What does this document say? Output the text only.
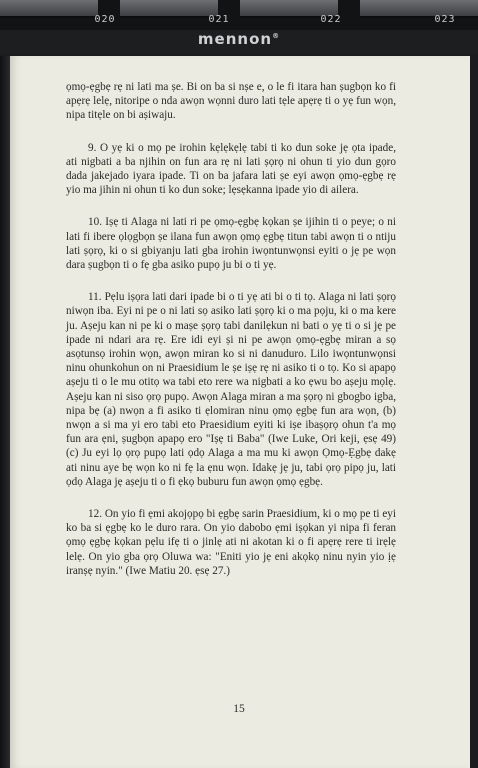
020	021	022	023
mennon®

ọmọ-ẹgbẹ rẹ ni lati ma ṣe. Bi on ba si nṣe e, o le fi itara han ṣugbọn ko fi apẹrẹ lelẹ, nitoripe o nda awọn wọnni duro lati tẹle apẹrẹ ti o yẹ fun wọn, nipa titẹle on bi aṣiwaju.

9. O yẹ ki o mọ pe irohin kẹlẹkẹlẹ tabi ti ko dun soke jẹ ọta ipade, ati nigbati a ba njihin on fun ara rẹ ni lati ṣọrọ ni ohun ti yio dun gọro dada jakejado iyara ipade. Ti on ba jafara lati ṣe eyi awọn ọmọ-ẹgbẹ rẹ yio ma jihin ni ohun ti ko dun soke; lẹsẹkanna ipade yio di ailera.

10. Iṣẹ ti Alaga ni lati ri pe ọmọ-ẹgbẹ kọkan ṣe ijihin ti o peye; o ni lati fi ibere ọlọgbọn ṣe ilana fun awọn ọmọ ẹgbẹ titun tabi awọn ti o ntiju lati ṣọrọ, ki o si gbiyanju lati gba irohin iwọntunwọnsi eyiti o jẹ pe wọn dara ṣugbọn ti o fẹ gba asiko pupọ ju bi o ti yẹ.

11. Pẹlu iṣọra lati dari ipade bi o ti yẹ ati bi o ti tọ. Alaga ni lati ṣọrọ niwọn iba. Eyi ni pe o ni lati sọ asiko lati ṣọrọ ki o ma pọju, ki o ma kere ju. Aṣeju kan ni pe ki o maṣe ṣọrọ tabi danilẹkun ni bati o yẹ ti o si jẹ pe ipade ni ndari ara rẹ. Ere idi eyi ṣi ni pe awọn ọmọ-ẹgbẹ miran a sọ asọtunsọ irohin wọn, awọn miran ko si ni danuduro. Lilo iwọntunwọnsi ninu ohunkohun on ni Praesidium le ṣe iṣẹ rẹ ni asiko ti o tọ. Ko si apapọ aṣeju ti o le mu otitọ wa tabi eto rere wa nigbati a ko ẹwu bo aṣeju mọlẹ. Aṣeju kan ni siso ọrọ pupọ. Awọn Alaga miran a ma ṣọrọ ni gbogbo igba, nipa bẹ (a) nwọn a fi asiko ti ẹlomiran ninu ọmọ ẹgbẹ fun ara wọn, (b) nwọn a si ma yi ero tabi eto Praesidium eyiti ki iṣe ibaṣọrọ ohun t'a mọ fun ara ẹni, ṣugbọn apapọ ero "Iṣẹ ti Baba" (Iwe Luke, Ori keji, ẹsẹ 49) (c) Ju eyi lọ ọrọ pupọ lati ọdọ Alaga a ma mu ki awọn Ọmọ-Ẹgbẹ dakẹ ati ninu aye bẹ wọn ko ni fẹ la ẹnu wọn. Idakẹ jẹ ju, tabi ọrọ pipọ ju, lati ọdọ Alaga jẹ aṣeju ti o fi ẹkọ buburu fun awọn ọmọ ẹgbẹ.

12. On yio fi ẹmi akojọpọ bi ẹgbẹ sarin Praesidium, ki o mọ pe ti eyi ko ba si ẹgbẹ ko le duro rara. On yio dabobo ẹmi iṣọkan yi nipa fi feran ọmọ ẹgbẹ kọkan pẹlu ifẹ ti o jinlẹ ati ni akotan ki o fi apẹrẹ rere ti irẹlẹ lelẹ. On yio gba ọrọ Oluwa wa: "Eniti yio jẹ eni akọkọ ninu nyin yio ịẹ iranṣẹ nyin." (Iwe Matiu 20. ẹsẹ 27.)

15
